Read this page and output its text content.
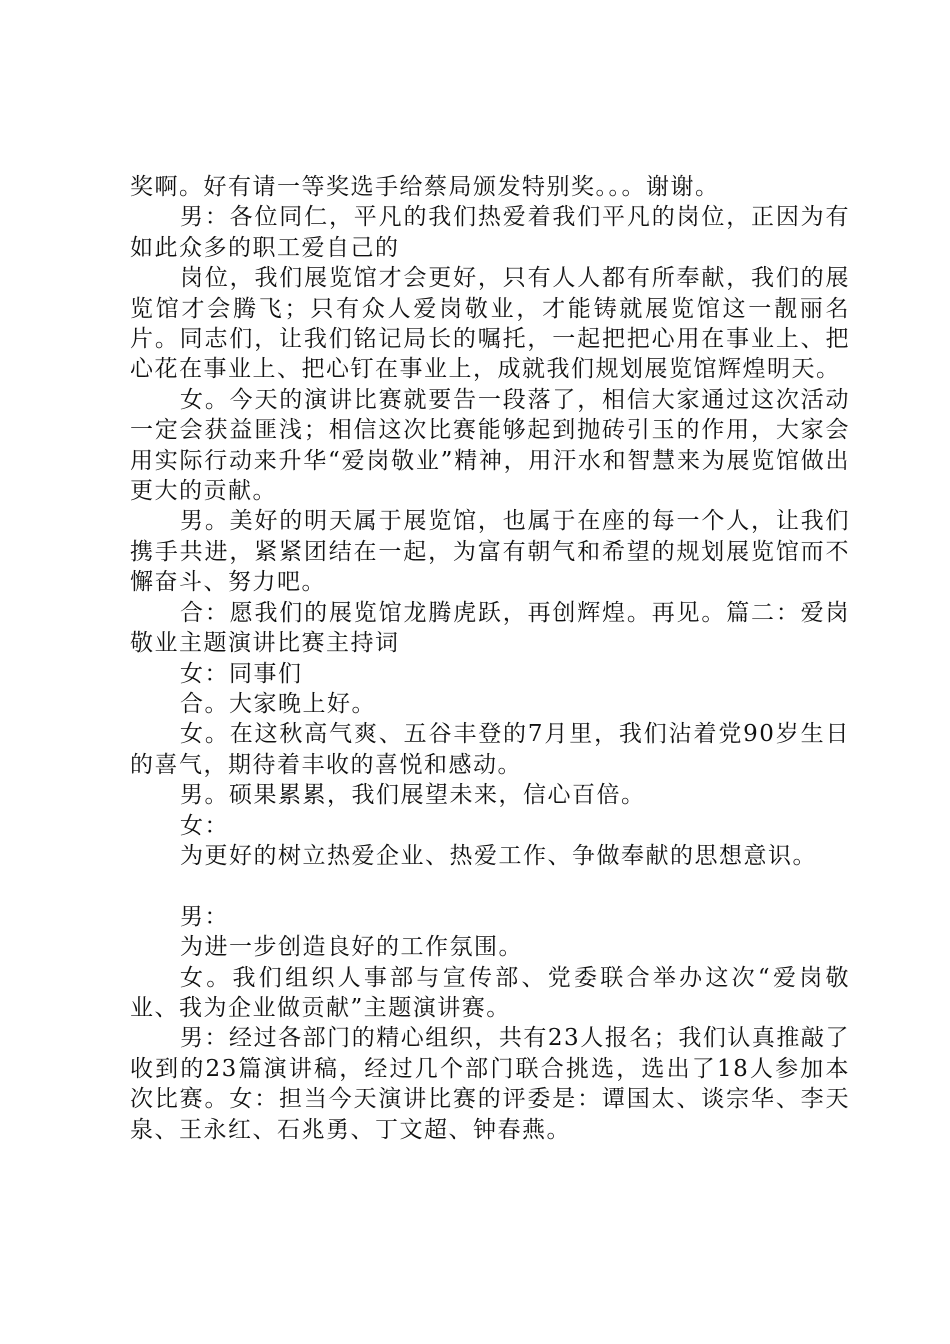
奖啊。好有请一等奖选手给蔡局颁发特别奖。。。谢谢。

男：各位同仁，平凡的我们热爱着我们平凡的岗位，正因为有如此众多的职工爱自己的

岗位，我们展览馆才会更好，只有人人都有所奉献，我们的展览馆才会腾飞；只有众人爱岗敬业，才能铸就展览馆这一靓丽名片。同志们，让我们铭记局长的嘱托，一起把把心用在事业上、把心花在事业上、把心钉在事业上，成就我们规划展览馆辉煌明天。

女。今天的演讲比赛就要告一段落了，相信大家通过这次活动一定会获益匪浅；相信这次比赛能够起到抛砖引玉的作用，大家会用实际行动来升华“爱岗敬业”精神，用汗水和智慧来为展览馆做出更大的贡献。

男。美好的明天属于展览馆，也属于在座的每一个人，让我们携手共进，紧紧团结在一起，为富有朝气和希望的规划展览馆而不懈奋斗、努力吧。

合：愿我们的展览馆龙腾虎跃，再创辉煌。再见。篇二：爱岗敬业主题演讲比赛主持词

女：同事们

合。大家晚上好。

女。在这秋高气爽、五谷丰登的7月里，我们沾着党90岁生日的喜气，期待着丰收的喜悦和感动。

男。硕果累累，我们展望未来，信心百倍。

女：

为更好的树立热爱企业、热爱工作、争做奉献的思想意识。

男：

为进一步创造良好的工作氛围。

女。我们组织人事部与宣传部、党委联合举办这次“爱岗敬业、我为企业做贡献”主题演讲赛。

男：经过各部门的精心组织，共有23人报名；我们认真推敲了收到的23篇演讲稿，经过几个部门联合挑选，选出了18人参加本次比赛。女：担当今天演讲比赛的评委是：谭国太、谈宗华、李天泉、王永红、石兆勇、丁文超、钟春燕。
